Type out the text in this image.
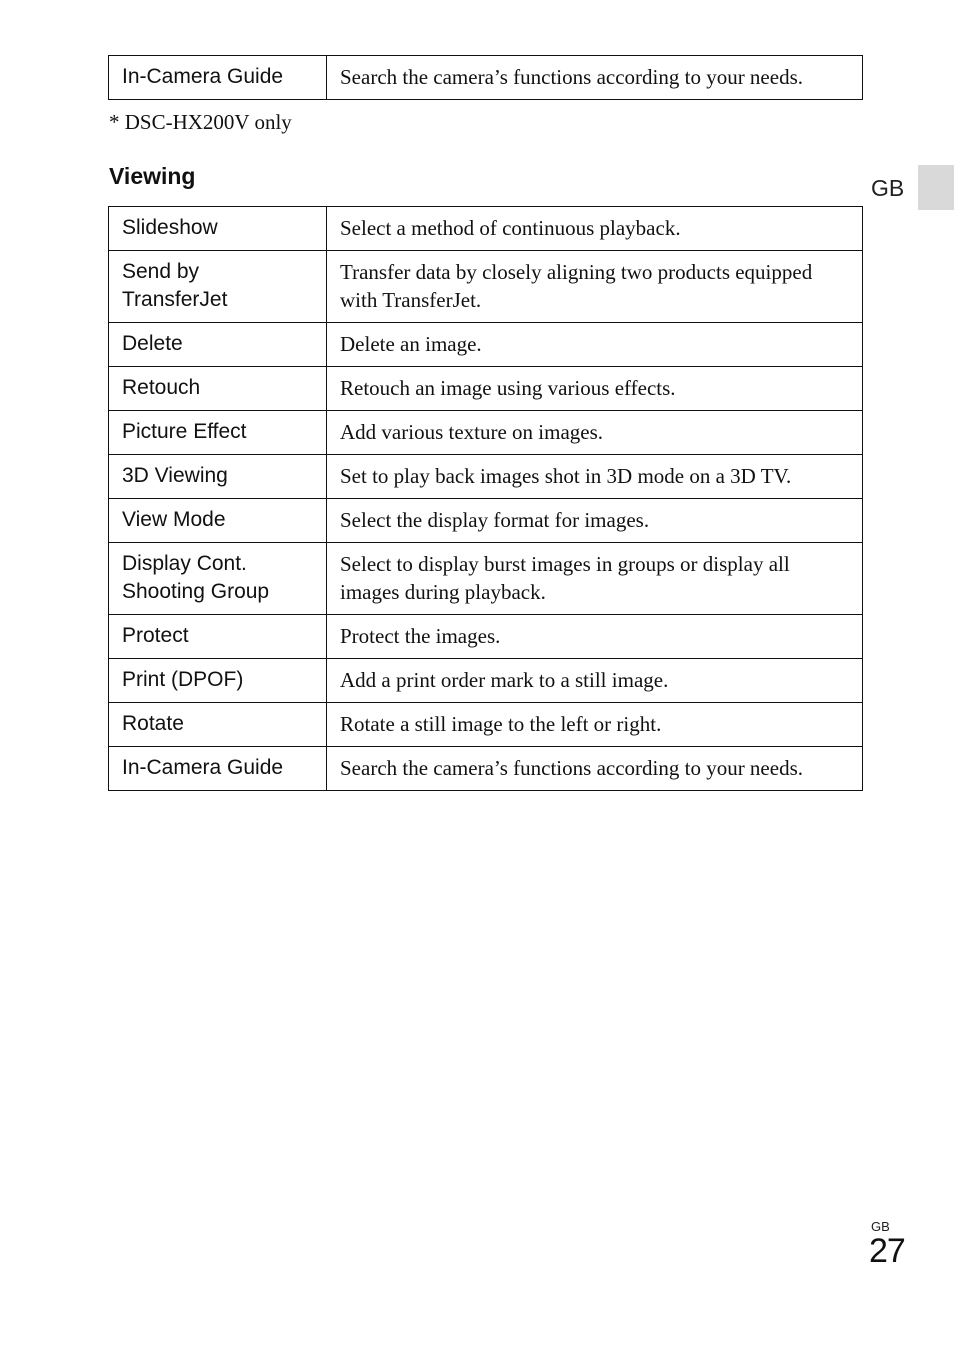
In-Camera Guide	Search the camera’s functions according to your needs.
* DSC-HX200V only
Viewing	GB
Slideshow	Select a method of continuous playback.

Send by
TransferJet	Transfer data by closely aligning two products equipped
with TransferJet.

Delete	Delete an image.
Retouch	Retouch an image using various effects.
Picture Effect	Add various texture on images.
3D Viewing	Set to play back images shot in 3D mode on a 3D TV.
View Mode	Select the display format for images.

Display Cont.
Shooting Group	Select to display burst images in groups or display all
images during playback.

Protect	Protect the images.
Print (DPOF)	Add a print order mark to a still image.
Rotate	Rotate a still image to the left or right.
In-Camera Guide	Search the camera’s functions according to your needs.
GB
27
